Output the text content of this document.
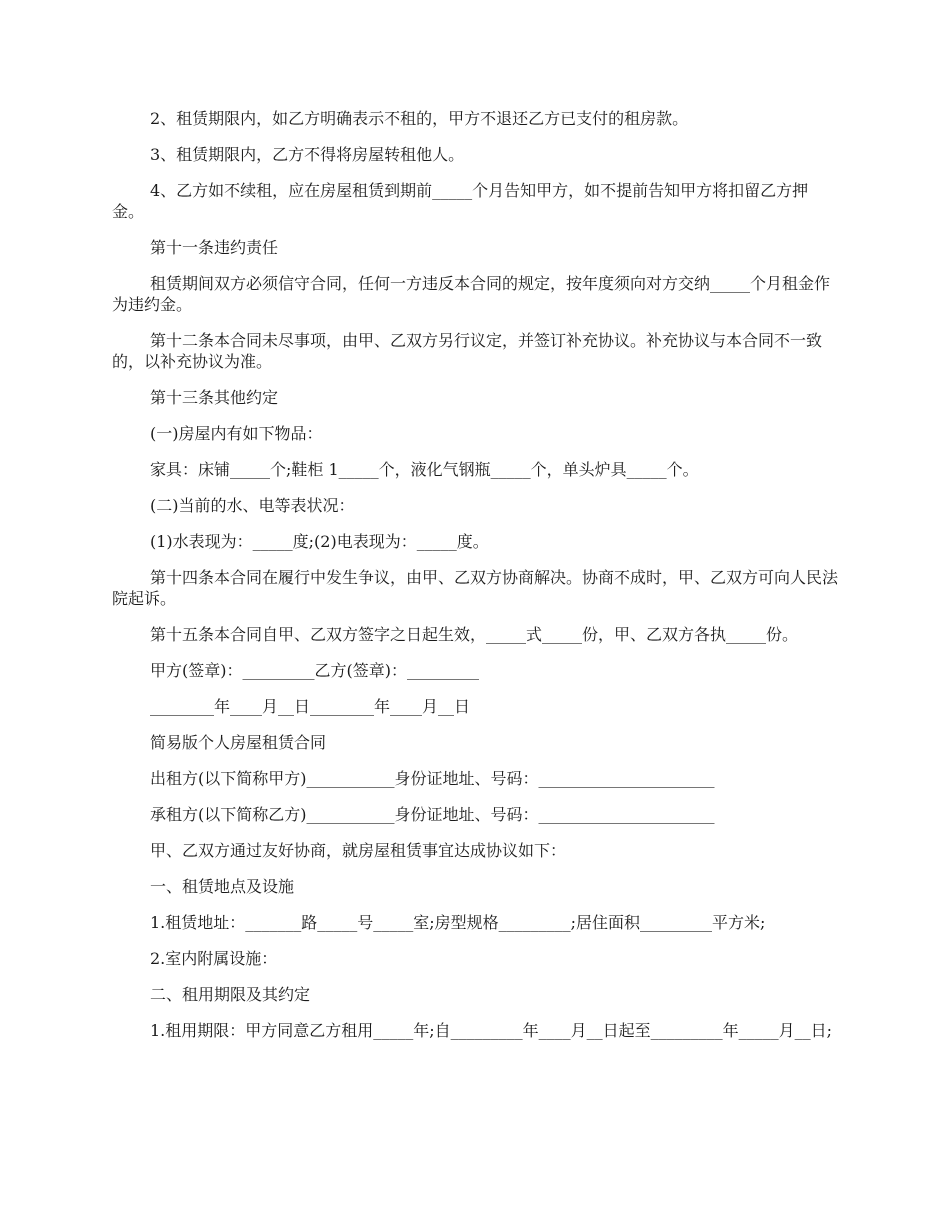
2、租赁期限内，如乙方明确表示不租的，甲方不退还乙方已支付的租房款。

3、租赁期限内，乙方不得将房屋转租他人。

4、乙方如不续租，应在房屋租赁到期前_____个月告知甲方，如不提前告知甲方将扣留乙方押金。

第十一条违约责任

租赁期间双方必须信守合同，任何一方违反本合同的规定，按年度须向对方交纳_____个月租金作为违约金。

第十二条本合同未尽事项，由甲、乙双方另行议定，并签订补充协议。补充协议与本合同不一致的，以补充协议为准。

第十三条其他约定

(一)房屋内有如下物品：

家具：床铺_____个;鞋柜 1_____个，液化气钢瓶_____个，单头炉具_____个。

(二)当前的水、电等表状况：

(1)水表现为：_____度;(2)电表现为：_____度。

第十四条本合同在履行中发生争议，由甲、乙双方协商解决。协商不成时，甲、乙双方可向人民法院起诉。

第十五条本合同自甲、乙双方签字之日起生效，_____式_____份，甲、乙双方各执_____份。

甲方(签章)：_________乙方(签章)：_________

________年____月__日________年____月__日

简易版个人房屋租赁合同

出租方(以下简称甲方)___________身份证地址、号码：______________________

承租方(以下简称乙方)___________身份证地址、号码：______________________

甲、乙双方通过友好协商，就房屋租赁事宜达成协议如下：

一、租赁地点及设施

1.租赁地址：_______路_____号_____室;房型规格_________;居住面积_________平方米;

2.室内附属设施：

二、租用期限及其约定

1.租用期限：甲方同意乙方租用_____年;自_________年____月__日起至_________年_____月__日;
